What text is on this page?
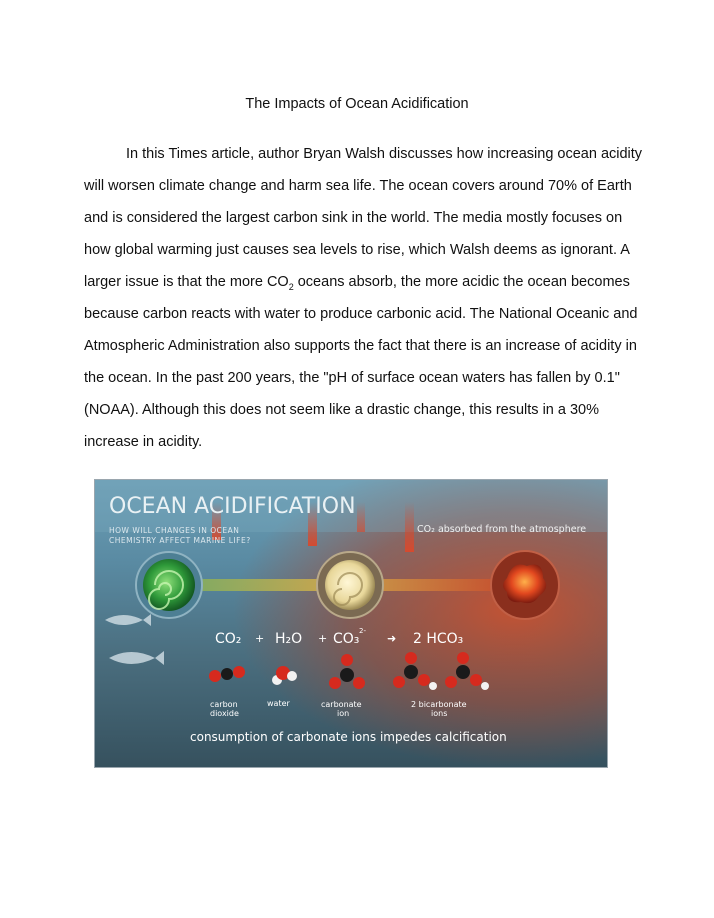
The Impacts of Ocean Acidification
In this Times article, author Bryan Walsh discusses how increasing ocean acidity
will worsen climate change and harm sea life. The ocean covers around 70% of Earth
and is considered the largest carbon sink in the world. The media mostly focuses on
how global warming just causes sea levels to rise, which Walsh deems as ignorant. A
larger issue is that the more $CO_2$ oceans absorb, the more acidic the ocean becomes
because carbon reacts with water to produce carbonic acid. The National Oceanic and
Atmospheric Administration also supports the fact that there is an increase of acidity in
the ocean. In the past 200 years, the "pH of surface ocean waters has fallen by 0.1"
(NOAA). Although this does not seem like a drastic change, this results in a 30%
increase in acidity.
OCEAN ACIDIFICATION
HOW WILL CHANGES IN OCEAN
CHEMISTRY AFFECT MARINE LIFE?
CO₂ absorbed from the atmosphere
CO₂ + H₂O + CO₃ 2-
➜ 2 HCO₃
carbon
dioxide
water	carbonate
ion
2 bicarbonate
ions
consumption of carbonate ions impedes calcification
